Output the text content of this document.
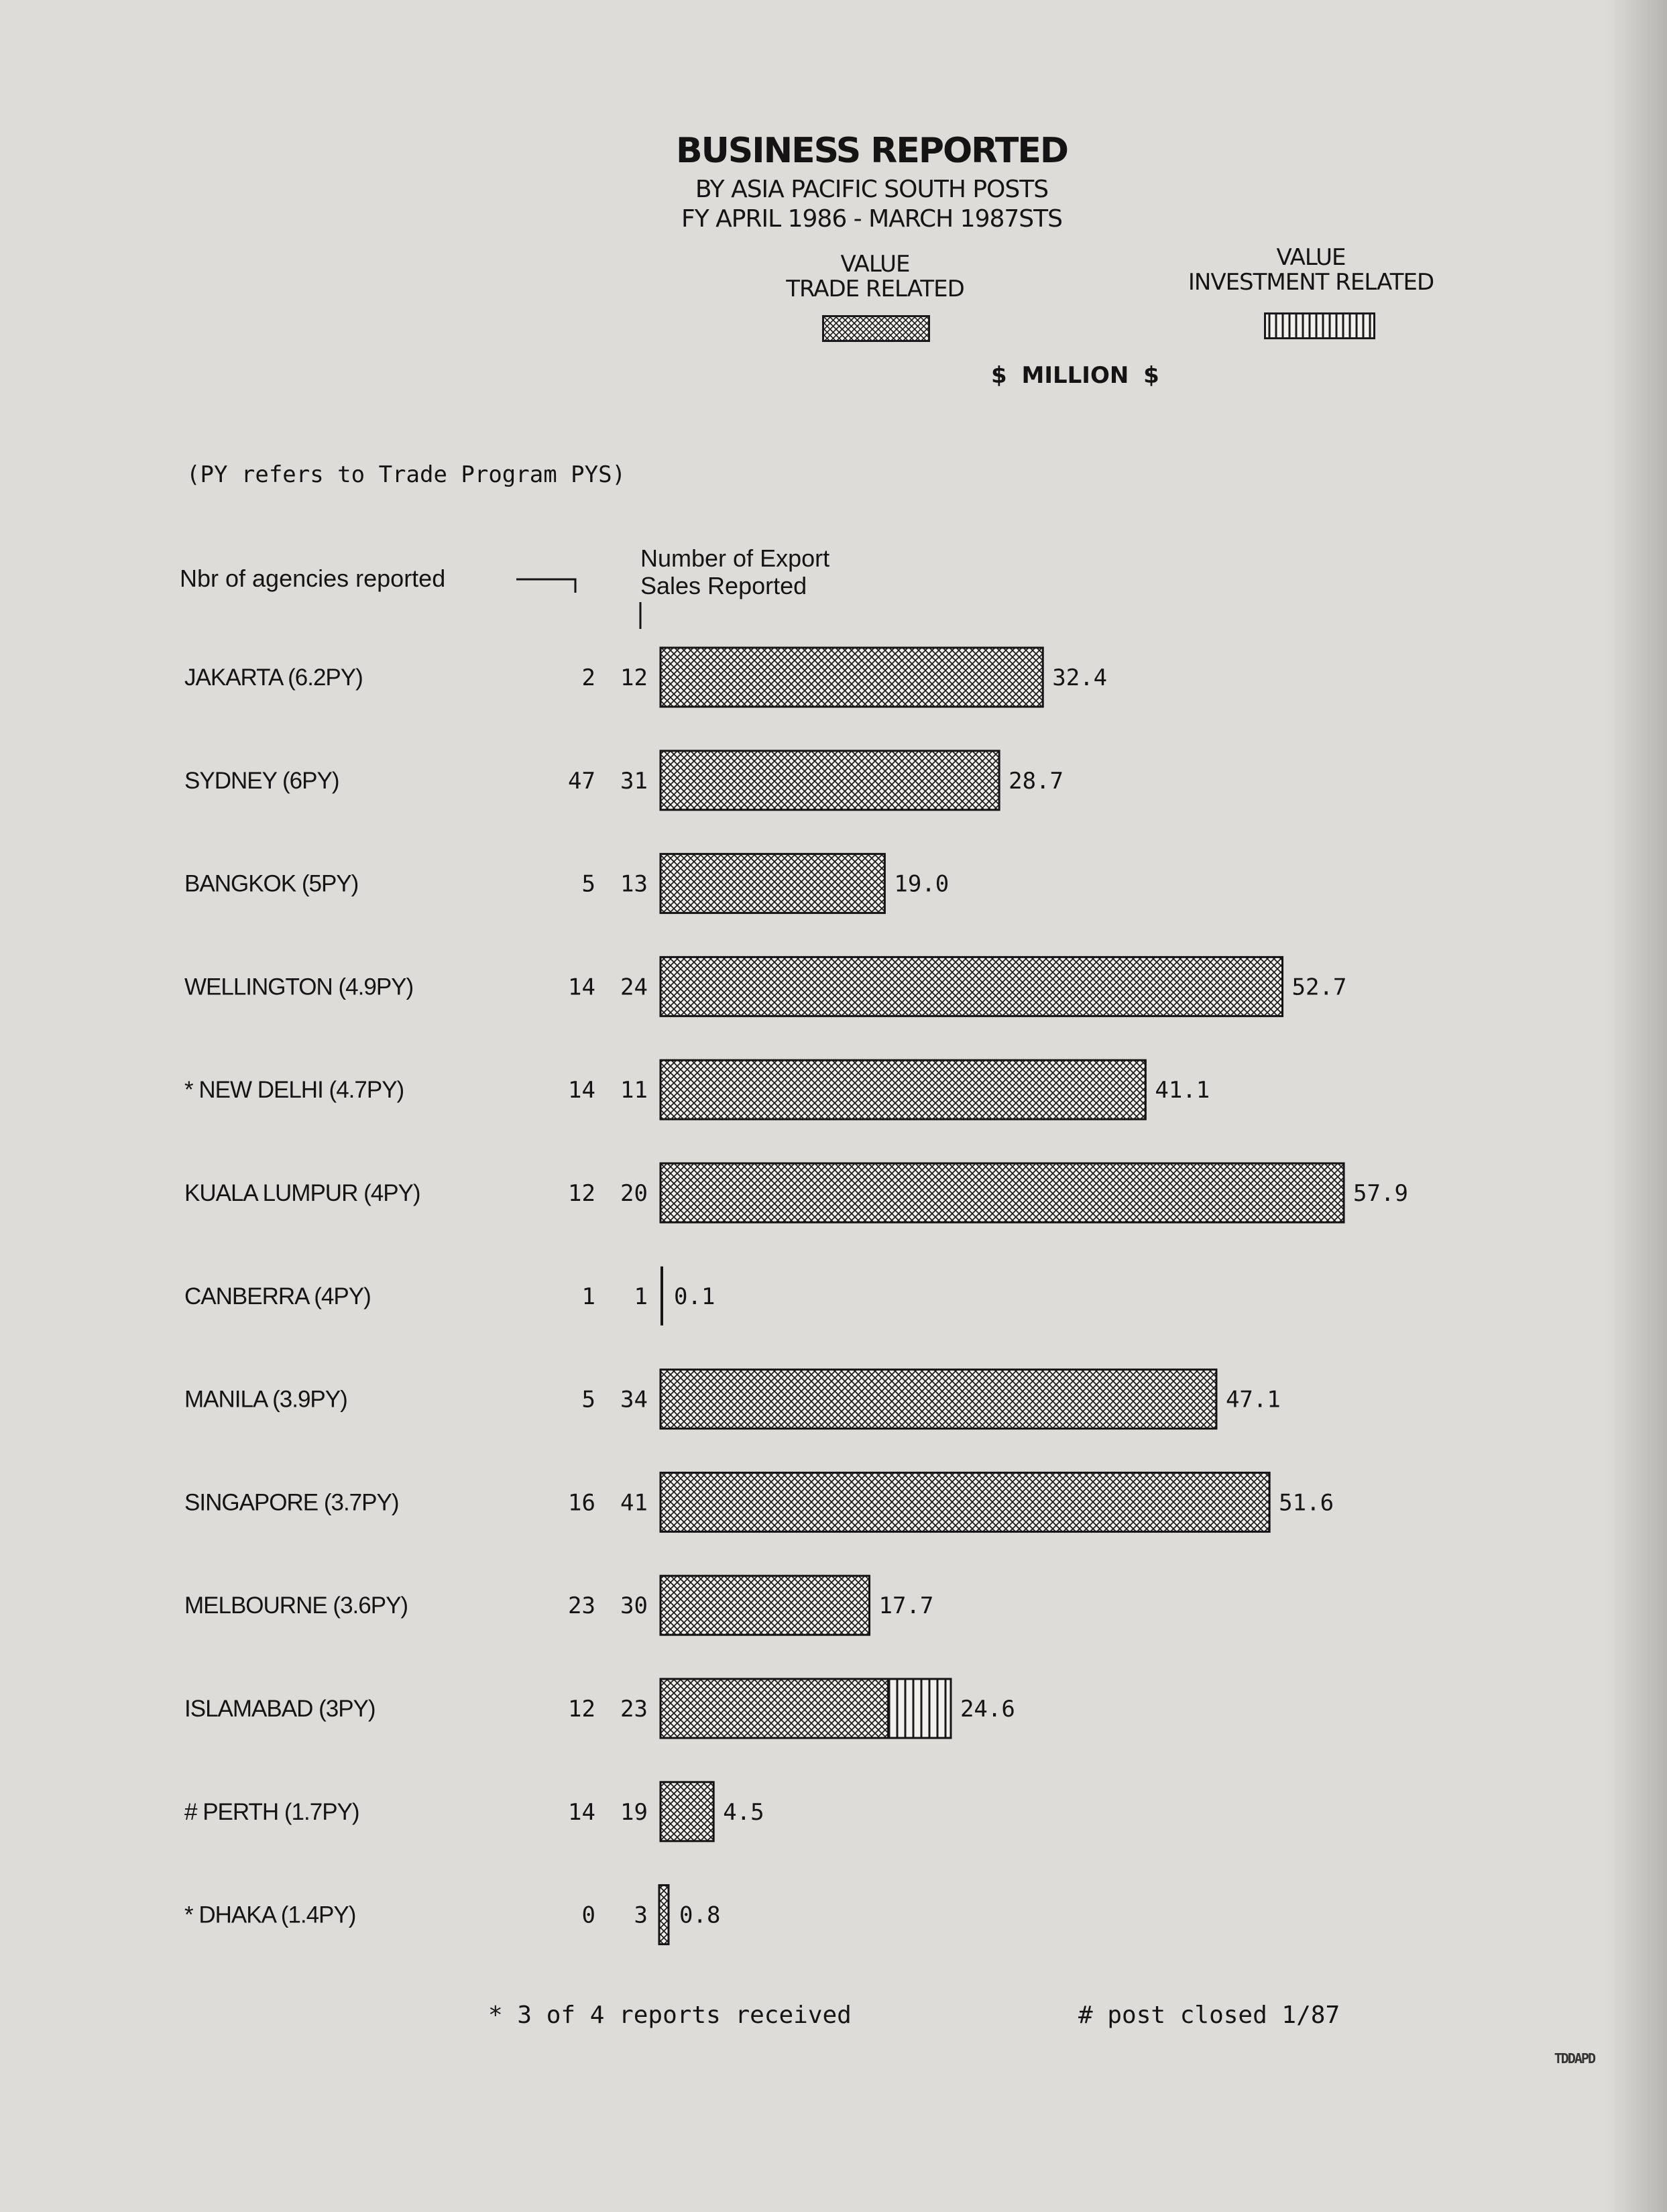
BUSINESS REPORTED
BY ASIA PACIFIC SOUTH POSTS
FY APRIL 1986 - MARCH 1987STS
VALUE
TRADE RELATED
VALUE
INVESTMENT RELATED
$ MILLION $
(PY refers to Trade Program PYS)
Nbr of agencies reported
Number of Export
Sales Reported
JAKARTA (6.2PY)	2 12	32.4
SYDNEY (6PY)	47 31	28.7
BANGKOK (5PY)	5 13	19.0
WELLINGTON (4.9PY)	14 24	52.7
* NEW DELHI (4.7PY)	14 11	41.1
KUALA LUMPUR (4PY)	12 20	57.9
CANBERRA (4PY)	1 1 0.1
MANILA (3.9PY)	5 34	47.1
SINGAPORE (3.7PY)	16 41	51.6
MELBOURNE (3.6PY)	23 30	17.7
ISLAMABAD (3PY)	12 23	24.6
# PERTH (1.7PY)	14 19	4.5
* DHAKA (1.4PY)	0 3 0.8
* 3 of 4 reports received	# post closed 1/87
TDDAPD
